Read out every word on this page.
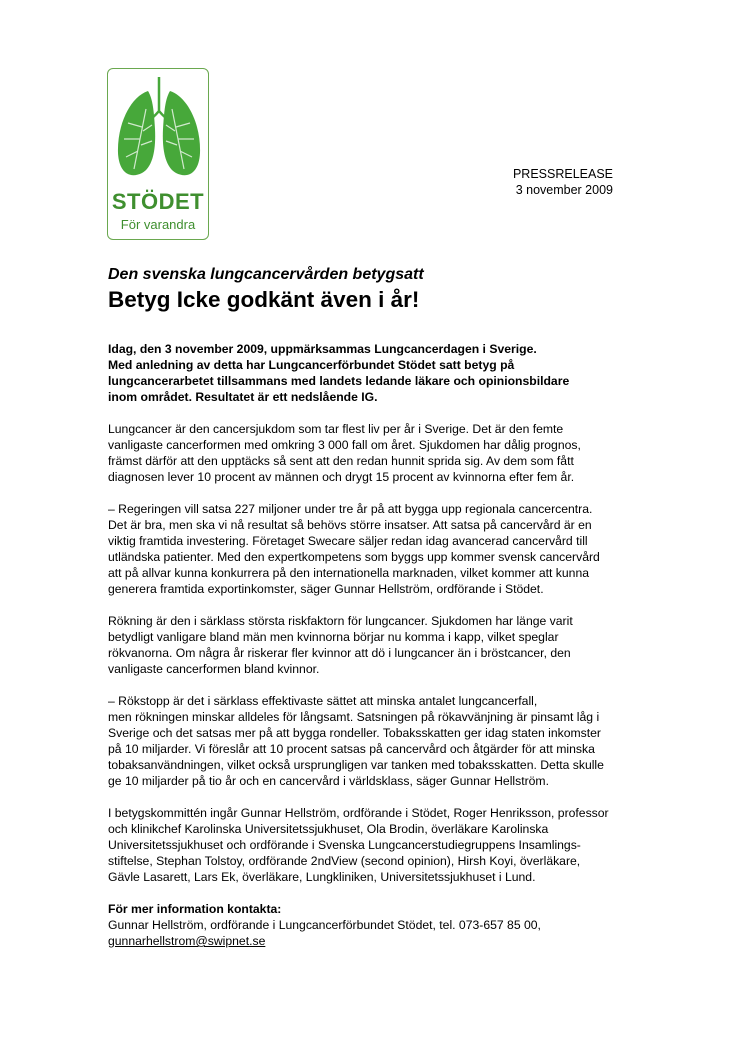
STÖDET
För varandra
PRESSRELEASE
3 november 2009
Den svenska lungcancervården betygsatt
Betyg Icke godkänt även i år!

Idag, den 3 november 2009, uppmärksammas Lungcancerdagen i Sverige.
Med anledning av detta har Lungcancerförbundet Stödet satt betyg på
lungcancerarbetet tillsammans med landets ledande läkare och opinionsbildare
inom området. Resultatet är ett nedslående IG.

Lungcancer är den cancersjukdom som tar flest liv per år i Sverige. Det är den femte
vanligaste cancerformen med omkring 3 000 fall om året. Sjukdomen har dålig prognos,
främst därför att den upptäcks så sent att den redan hunnit sprida sig. Av dem som fått
diagnosen lever 10 procent av männen och drygt 15 procent av kvinnorna efter fem år.

– Regeringen vill satsa 227 miljoner under tre år på att bygga upp regionala cancercentra.
Det är bra, men ska vi nå resultat så behövs större insatser. Att satsa på cancervård är en
viktig framtida investering. Företaget Swecare säljer redan idag avancerad cancervård till
utländska patienter. Med den expertkompetens som byggs upp kommer svensk cancervård
att på allvar kunna konkurrera på den internationella marknaden, vilket kommer att kunna
generera framtida exportinkomster, säger Gunnar Hellström, ordförande i Stödet.

Rökning är den i särklass största riskfaktorn för lungcancer. Sjukdomen har länge varit
betydligt vanligare bland män men kvinnorna börjar nu komma i kapp, vilket speglar
rökvanorna. Om några år riskerar fler kvinnor att dö i lungcancer än i bröstcancer, den
vanligaste cancerformen bland kvinnor.

– Rökstopp är det i särklass effektivaste sättet att minska antalet lungcancerfall,
men rökningen minskar alldeles för långsamt. Satsningen på rökavvänjning är pinsamt låg i
Sverige och det satsas mer på att bygga rondeller. Tobaksskatten ger idag staten inkomster
på 10 miljarder. Vi föreslår att 10 procent satsas på cancervård och åtgärder för att minska
tobaksanvändningen, vilket också ursprungligen var tanken med tobaksskatten. Detta skulle
ge 10 miljarder på tio år och en cancervård i världsklass, säger Gunnar Hellström.

I betygskommittén ingår Gunnar Hellström, ordförande i Stödet, Roger Henriksson, professor
och klinikchef Karolinska Universitetssjukhuset, Ola Brodin, överläkare Karolinska
Universitetssjukhuset och ordförande i Svenska Lungcancerstudiegruppens Insamlings-
stiftelse, Stephan Tolstoy, ordförande 2ndView (second opinion), Hirsh Koyi, överläkare,
Gävle Lasarett, Lars Ek, överläkare, Lungkliniken, Universitetssjukhuset i Lund.

För mer information kontakta:
Gunnar Hellström, ordförande i Lungcancerförbundet Stödet, tel. 073-657 85 00,
gunnarhellstrom@swipnet.se
